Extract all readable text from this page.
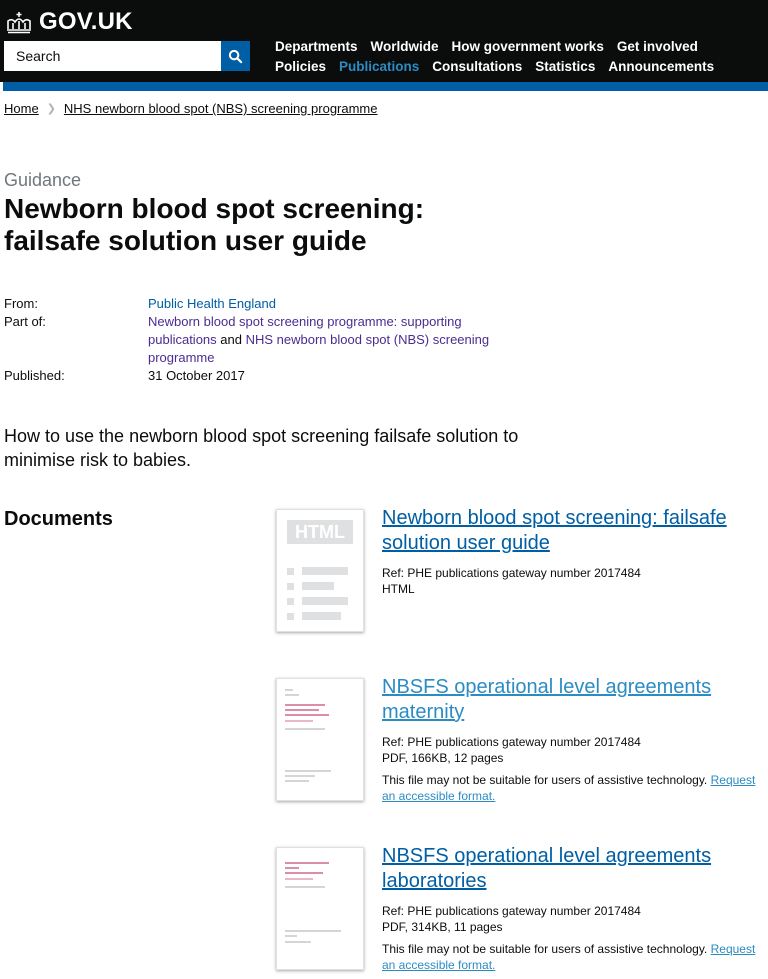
GOV.UK
Search
Departments Worldwide How government works Get involved
Policies Publications Consultations Statistics Announcements
Home ❯ NHS newborn blood spot (NBS) screening programme
Guidance
Newborn blood spot screening: failsafe solution user guide
From:	Public Health England
Part of:	Newborn blood spot screening programme: supporting publications and NHS newborn blood spot (NBS) screening programme
Published:	31 October 2017

How to use the newborn blood spot screening failsafe solution to minimise risk to babies.

Documents
HTML
Newborn blood spot screening: failsafe solution user guide
Ref: PHE publications gateway number 2017484
HTML
NBSFS operational level agreements maternity
Ref: PHE publications gateway number 2017484
PDF, 166KB, 12 pages
This file may not be suitable for users of assistive technology. Request an accessible format.
NBSFS operational level agreements laboratories
Ref: PHE publications gateway number 2017484
PDF, 314KB, 11 pages
This file may not be suitable for users of assistive technology. Request an accessible format.
